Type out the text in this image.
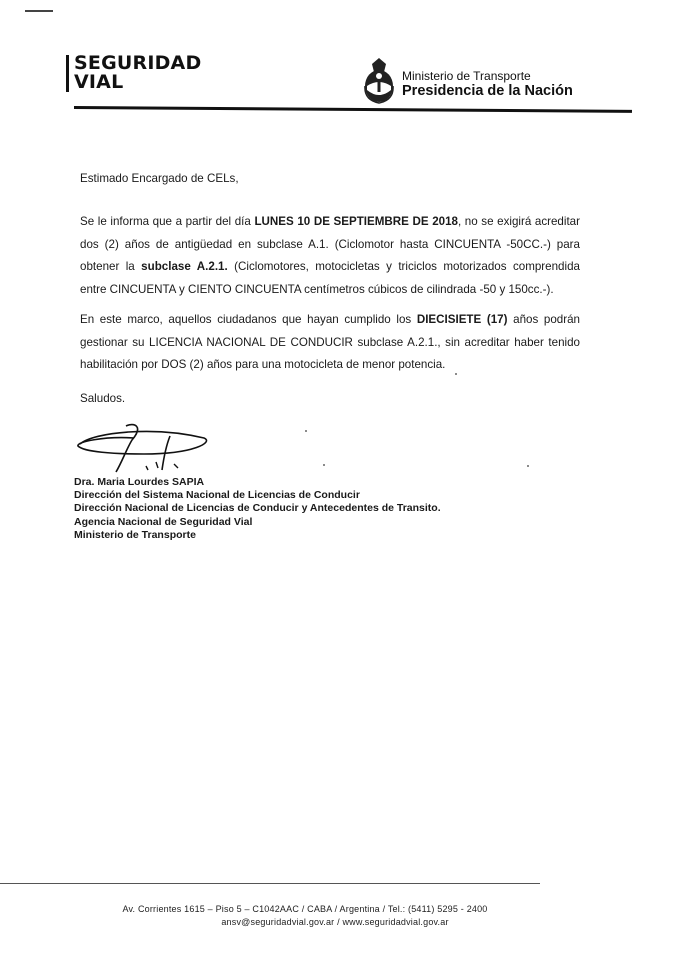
SEGURIDAD
VIAL	Ministerio de Transporte
Presidencia de la Nación
Estimado Encargado de CELs,
Se le informa que a partir del día LUNES 10 DE SEPTIEMBRE DE 2018, no se exigirá acreditar dos (2) años de antigüedad en subclase A.1. (Ciclomotor hasta CINCUENTA -50CC.-) para obtener la subclase A.2.1. (Ciclomotores, motocicletas y triciclos motorizados comprendida entre CINCUENTA y CIENTO CINCUENTA centímetros cúbicos de cilindrada -50 y 150cc.-).
En este marco, aquellos ciudadanos que hayan cumplido los DIECISIETE (17) años podrán gestionar su LICENCIA NACIONAL DE CONDUCIR subclase A.2.1., sin acreditar haber tenido habilitación por DOS (2) años para una motocicleta de menor potencia.
Saludos.
Dra. Maria Lourdes SAPIA
Dirección del Sistema Nacional de Licencias de Conducir
Dirección Nacional de Licencias de Conducir y Antecedentes de Transito.
Agencia Nacional de Seguridad Vial
Ministerio de Transporte
Av. Corrientes 1615 – Piso 5 – C1042AAC / CABA / Argentina / Tel.: (5411) 5295 - 2400
ansv@seguridadvial.gov.ar / www.seguridadvial.gov.ar
